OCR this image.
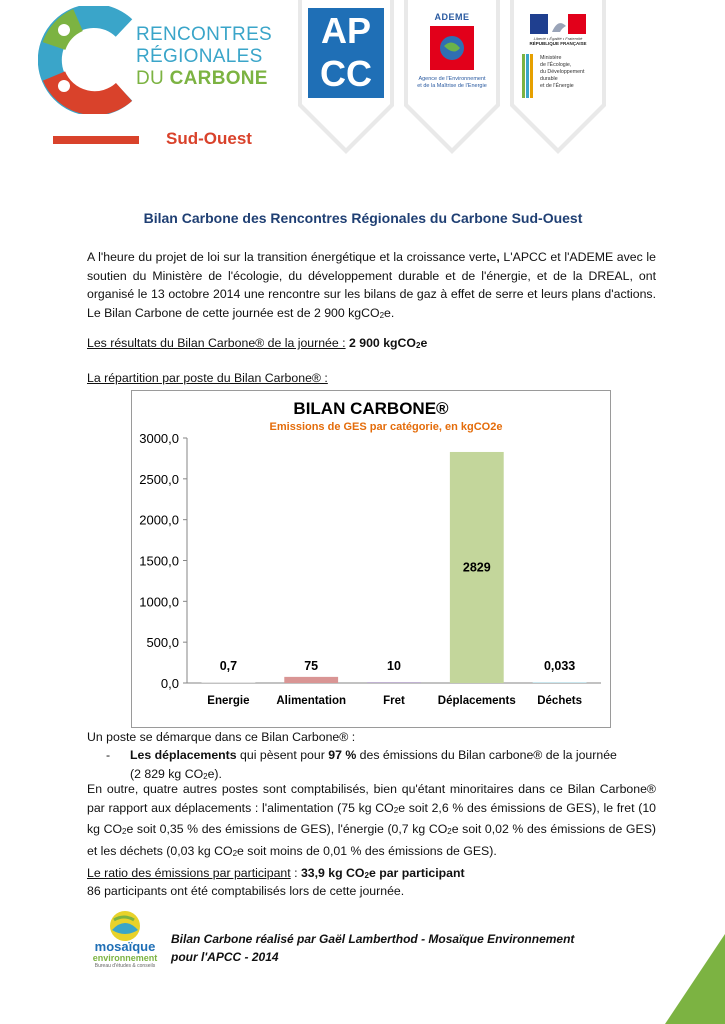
RENCONTRES
RÉGIONALES
DU CARBONE
Sud-Ouest
AP
CC
ADEME
Agence de l'Environnement
et de la Maîtrise de l'Energie
Liberté • Égalité • Fraternité
RÉPUBLIQUE FRANÇAISE
Ministère
de l'Écologie,
du Développement
durable
et de l'Énergie
Bilan Carbone des Rencontres Régionales du Carbone Sud-Ouest
A l'heure du projet de loi sur la transition énergétique et la croissance verte, L'APCC et l'ADEME avec le soutien du Ministère de l'écologie, du développement durable et de l'énergie, et de la DREAL, ont organisé le 13 octobre 2014 une rencontre sur les bilans de gaz à effet de serre et leurs plans d'actions. Le Bilan Carbone de cette journée est de 2 900 kgCO$_2$e.
Les résultats du Bilan Carbone® de la journée : 2 900 kgCO$_2$e
La répartition par poste du Bilan Carbone® :
BILAN CARBONE®
Emissions de GES par catégorie, en kgCO2e
0,0
500,0
1000,0
1500,0
2000,0
2500,0
3000,0
0,7	75	10
2829
0,033
Energie Alimentation	Fret	Déplacements Déchets
Un poste se démarque dans ce Bilan Carbone® :
- Les déplacements qui pèsent pour 97 % des émissions du Bilan carbone® de la journée
(2 829 kg $CO_2e$).
En outre, quatre autres postes sont comptabilisés, bien qu'étant minoritaires dans ce Bilan Carbone® par rapport aux déplacements : l'alimentation (75 kg $CO_2e$ soit 2,6 % des émissions de GES), le fret (10 kg $CO_2e$ soit 0,35 % des émissions de GES), l'énergie (0,7 kg $CO_2e$ soit 0,02 % des émissions de GES) et les déchets (0,03 kg $CO_2e$ soit moins de 0,01 % des émissions de GES).
Le ratio des émissions par participant : 33,9 kg $CO_2e$ par participant
86 participants ont été comptabilisés lors de cette journée.
mosaïque
environnement
Bureau d'études & conseils
Bilan Carbone réalisé par Gaël Lamberthod - Mosaïque Environnement
pour l'APCC - 2014
